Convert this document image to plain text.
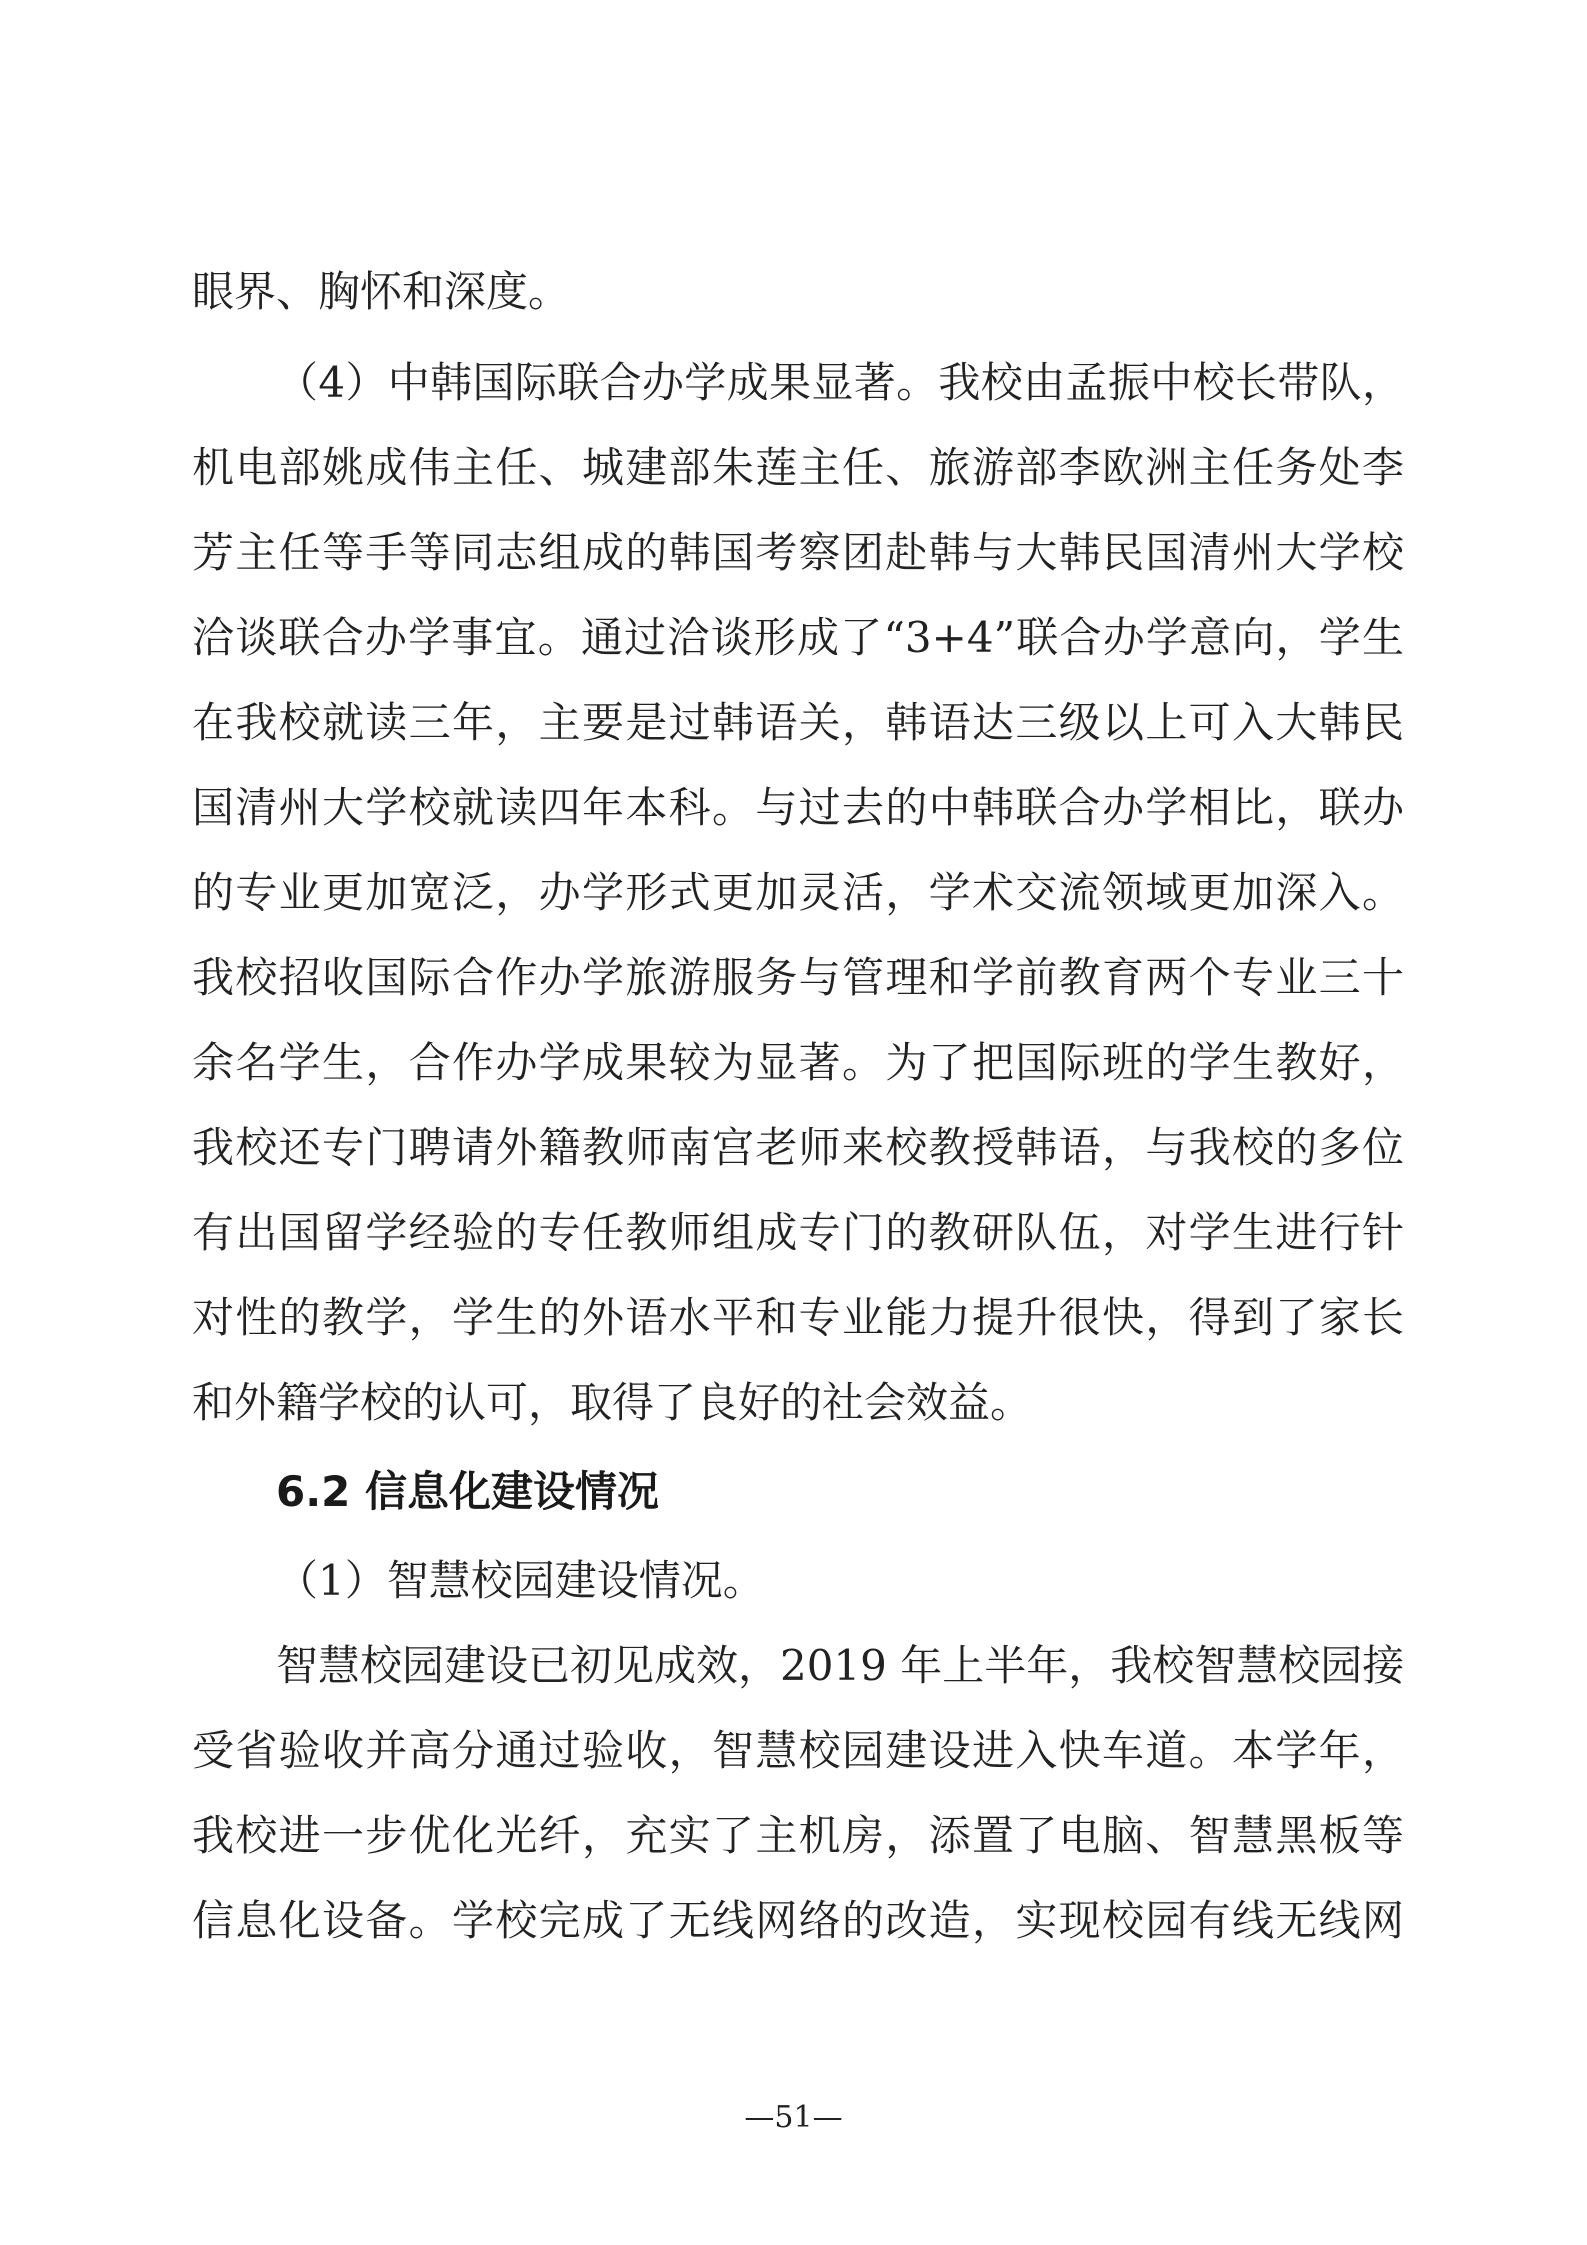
眼界、胸怀和深度。
（4）中韩国际联合办学成果显著。我校由孟振中校长带队，
机电部姚成伟主任、城建部朱莲主任、旅游部李欧洲主任务处李
芳主任等手等同志组成的韩国考察团赴韩与大韩民国清州大学校
洽谈联合办学事宜。通过洽谈形成了“3+4”联合办学意向，学生
在我校就读三年，主要是过韩语关，韩语达三级以上可入大韩民
国清州大学校就读四年本科。与过去的中韩联合办学相比，联办
的专业更加宽泛，办学形式更加灵活，学术交流领域更加深入。
我校招收国际合作办学旅游服务与管理和学前教育两个专业三十
余名学生，合作办学成果较为显著。为了把国际班的学生教好，
我校还专门聘请外籍教师南宫老师来校教授韩语，与我校的多位
有出国留学经验的专任教师组成专门的教研队伍，对学生进行针
对性的教学，学生的外语水平和专业能力提升很快，得到了家长
和外籍学校的认可，取得了良好的社会效益。
6.2 信息化建设情况
（1）智慧校园建设情况。
智慧校园建设已初见成效，2019 年上半年，我校智慧校园接
受省验收并高分通过验收，智慧校园建设进入快车道。本学年，
我校进一步优化光纤，充实了主机房，添置了电脑、智慧黑板等
信息化设备。学校完成了无线网络的改造，实现校园有线无线网
—51—
